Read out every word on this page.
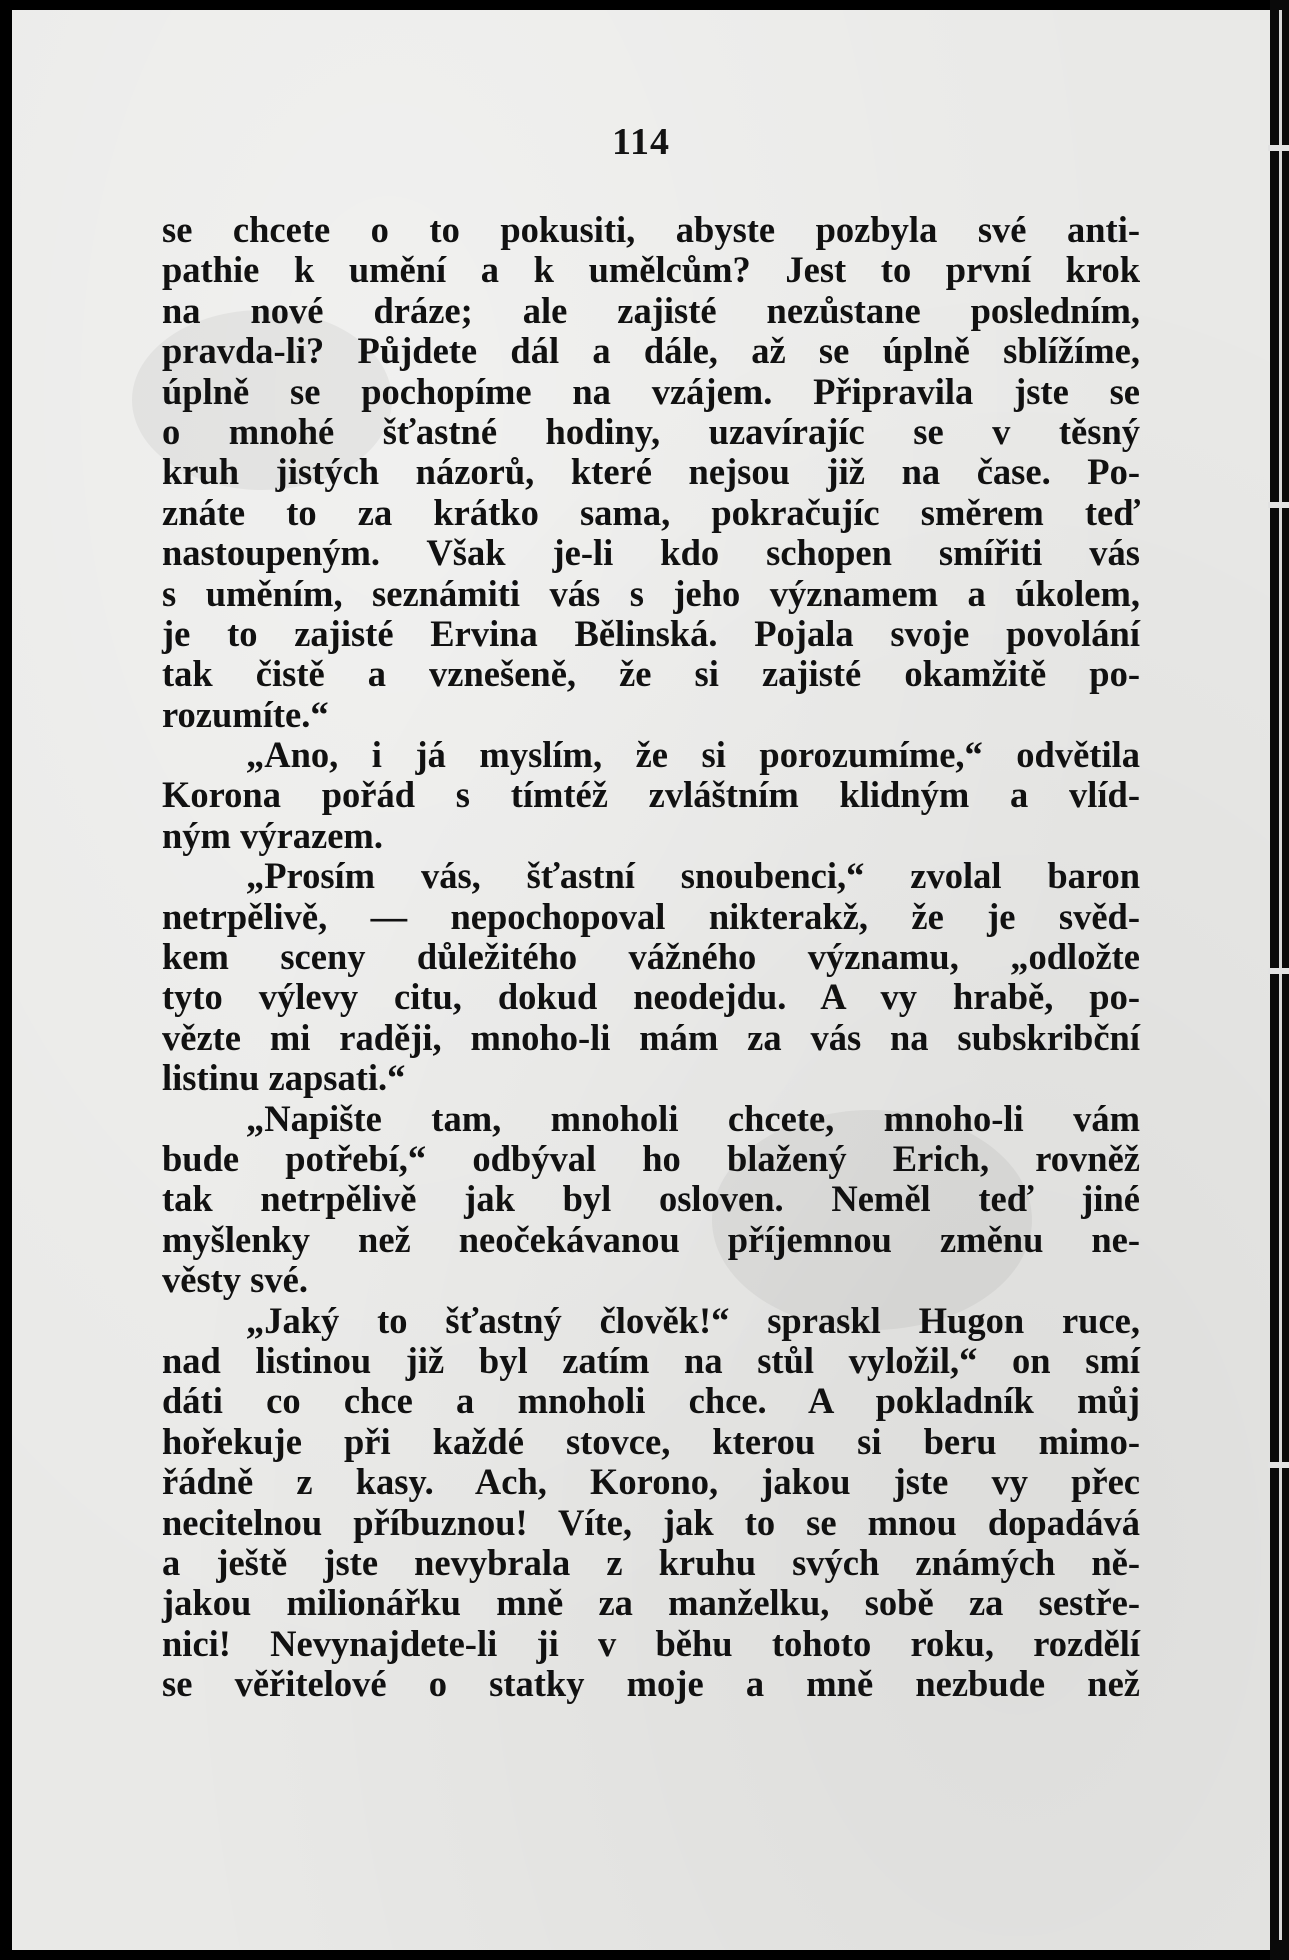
114
se chcete o to pokusiti, abyste pozbyla své anti-
pathie k umění a k umělcům? Jest to první krok
na nové dráze; ale zajisté nezůstane posledním,
pravda-li? Půjdete dál a dále, až se úplně sblížíme,
úplně se pochopíme na vzájem. Připravila jste se
o mnohé šťastné hodiny, uzavírajíc se v těsný
kruh jistých názorů, které nejsou již na čase. Po-
znáte to za krátko sama, pokračujíc směrem teď
nastoupeným. Však je-li kdo schopen smířiti vás
s uměním, seznámiti vás s jeho významem a úkolem,
je to zajisté Ervina Bělinská. Pojala svoje povolání
tak čistě a vznešeně, že si zajisté okamžitě po-
rozumíte.“
„Ano, i já myslím, že si porozumíme,“ odvětila
Korona pořád s tímtéž zvláštním klidným a vlíd-
ným výrazem.
„Prosím vás, šťastní snoubenci,“ zvolal baron
netrpělivě, — nepochopoval nikterakž, že je svěd-
kem sceny důležitého vážného významu, „odložte
tyto výlevy citu, dokud neodejdu. A vy hrabě, po-
vězte mi raději, mnoho-li mám za vás na subskribční
listinu zapsati.“
„Napište tam, mnoholi chcete, mnoho-li vám
bude potřebí,“ odbýval ho blažený Erich, rovněž
tak netrpělivě jak byl osloven. Neměl teď jiné
myšlenky než neočekávanou příjemnou změnu ne-
věsty své.
„Jaký to šťastný člověk!“ spraskl Hugon ruce,
nad listinou již byl zatím na stůl vyložil,“ on smí
dáti co chce a mnoholi chce. A pokladník můj
hořekuje při každé stovce, kterou si beru mimo-
řádně z kasy. Ach, Korono, jakou jste vy přec
necitelnou příbuznou! Víte, jak to se mnou dopadává
a ještě jste nevybrala z kruhu svých známých ně-
jakou milionářku mně za manželku, sobě za sestře-
nici! Nevynajdete-li ji v běhu tohoto roku, rozdělí
se věřitelové o statky moje a mně nezbude než
